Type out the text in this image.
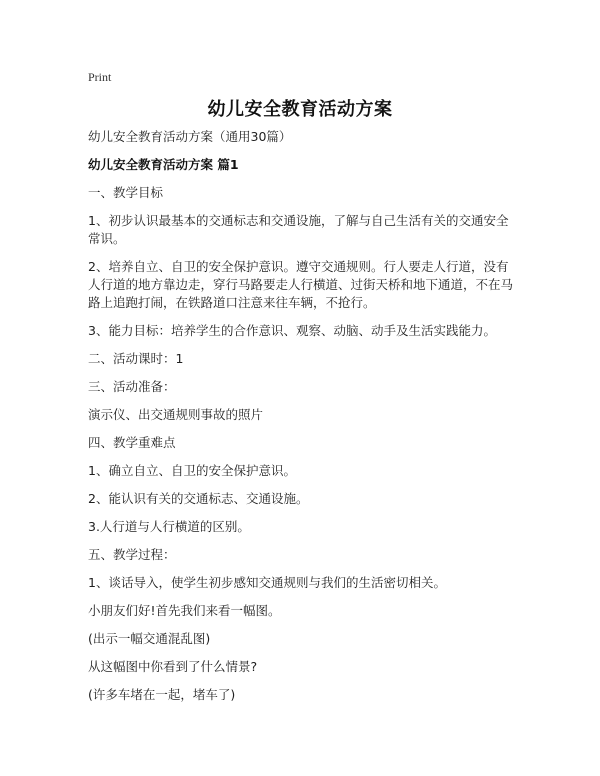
Print
幼儿安全教育活动方案
幼儿安全教育活动方案（通用30篇）
幼儿安全教育活动方案 篇1
一、教学目标
1、初步认识最基本的交通标志和交通设施，了解与自己生活有关的交通安全常识。
2、培养自立、自卫的安全保护意识。遵守交通规则。行人要走人行道，没有人行道的地方靠边走，穿行马路要走人行横道、过街天桥和地下通道，不在马路上追跑打闹，在铁路道口注意来往车辆，不抢行。
3、能力目标：培养学生的合作意识、观察、动脑、动手及生活实践能力。
二、活动课时：1
三、活动准备：
演示仪、出交通规则事故的照片
四、教学重难点
1、确立自立、自卫的安全保护意识。
2、能认识有关的交通标志、交通设施。
3.人行道与人行横道的区别。
五、教学过程：
1、谈话导入，使学生初步感知交通规则与我们的生活密切相关。
小朋友们好!首先我们来看一幅图。
(出示一幅交通混乱图)
从这幅图中你看到了什么情景?
(许多车堵在一起，堵车了)
